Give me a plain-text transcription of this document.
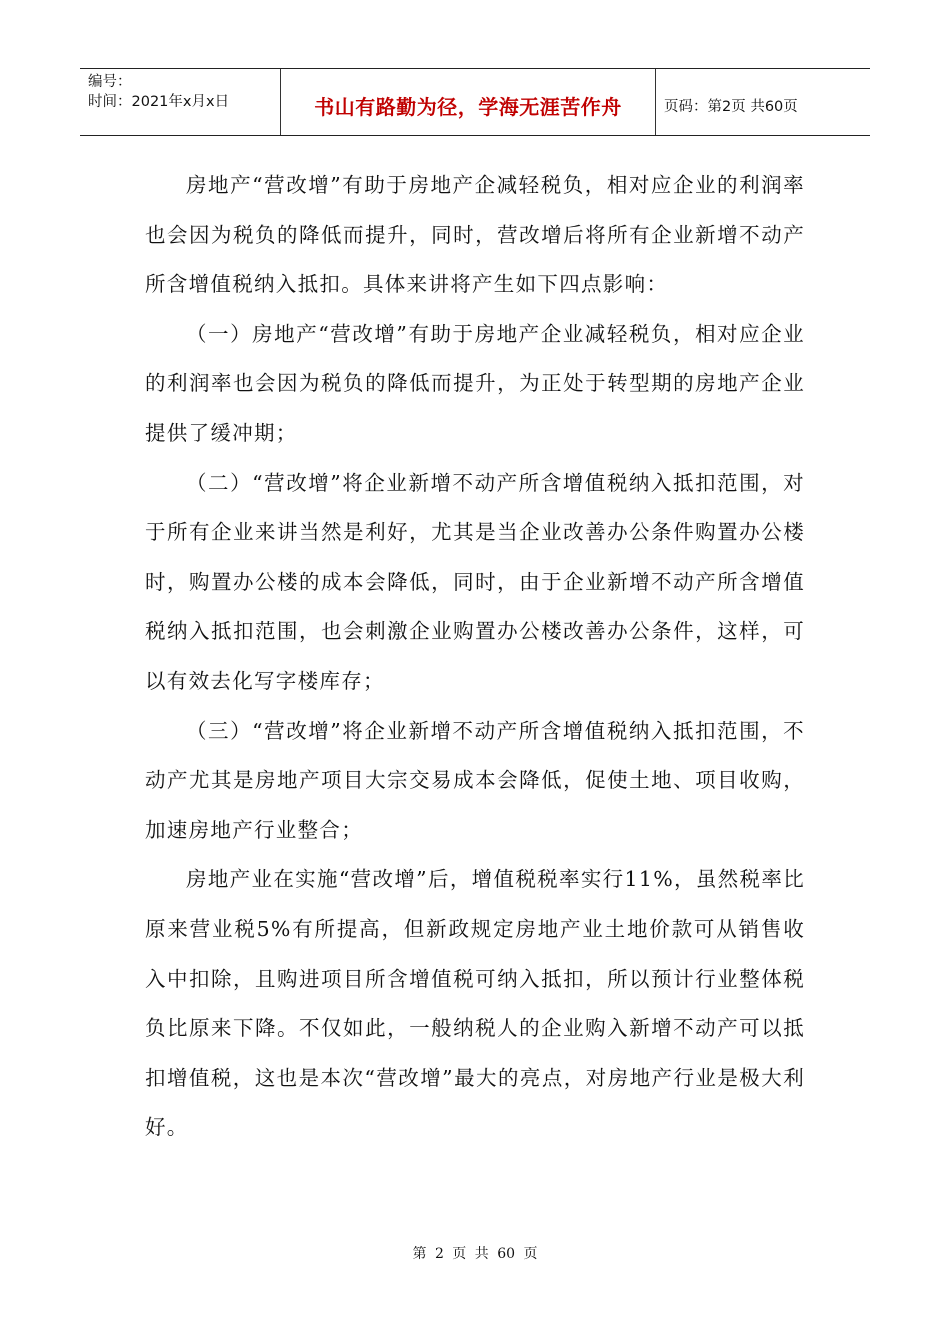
编号：
时间：2021年x月x日	书山有路勤为径，学海无涯苦作舟	页码：第2页 共60页

房地产“营改增”有助于房地产企减轻税负，相对应企业的利润率也会因为税负的降低而提升，同时，营改增后将所有企业新增不动产所含增值税纳入抵扣。具体来讲将产生如下四点影响：

（一）房地产“营改增”有助于房地产企业减轻税负，相对应企业的利润率也会因为税负的降低而提升，为正处于转型期的房地产企业提供了缓冲期；

（二）“营改增”将企业新增不动产所含增值税纳入抵扣范围，对于所有企业来讲当然是利好，尤其是当企业改善办公条件购置办公楼时，购置办公楼的成本会降低，同时，由于企业新增不动产所含增值税纳入抵扣范围，也会刺激企业购置办公楼改善办公条件，这样，可以有效去化写字楼库存；

（三）“营改增”将企业新增不动产所含增值税纳入抵扣范围，不动产尤其是房地产项目大宗交易成本会降低，促使土地、项目收购，加速房地产行业整合；

房地产业在实施“营改增”后，增值税税率实行11%，虽然税率比原来营业税5%有所提高，但新政规定房地产业土地价款可从销售收入中扣除，且购进项目所含增值税可纳入抵扣，所以预计行业整体税负比原来下降。不仅如此，一般纳税人的企业购入新增不动产可以抵扣增值税，这也是本次“营改增”最大的亮点，对房地产行业是极大利好。

第 2 页 共 60 页
